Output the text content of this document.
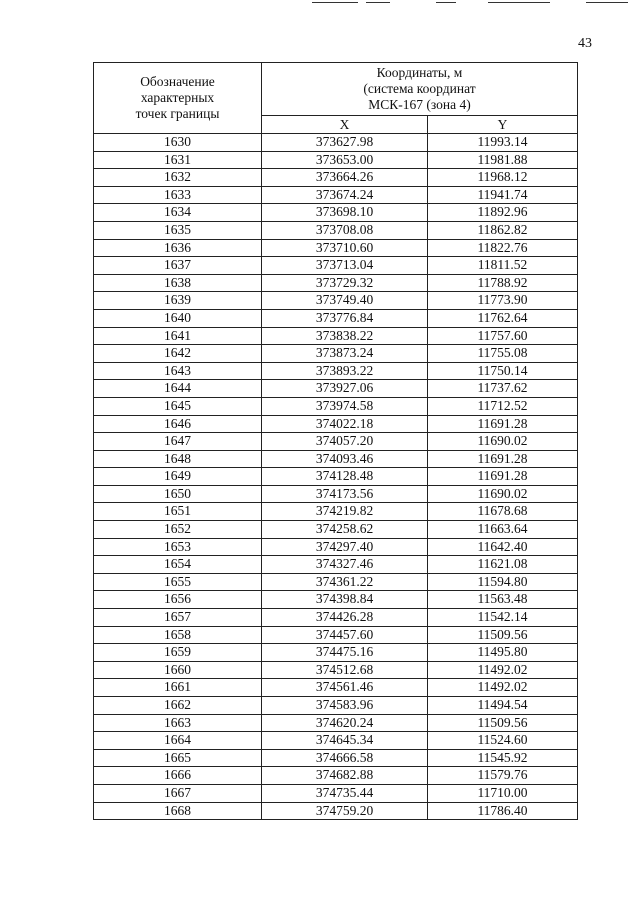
43
Обозначение
характерных
точек границы	Координаты, м
(система координат
МСК-167 (зона 4)	

	X	Y
1630	373627.98	11993.14
1631	373653.00	11981.88
1632	373664.26	11968.12
1633	373674.24	11941.74
1634	373698.10	11892.96
1635	373708.08	11862.82
1636	373710.60	11822.76
1637	373713.04	11811.52
1638	373729.32	11788.92
1639	373749.40	11773.90
1640	373776.84	11762.64
1641	373838.22	11757.60
1642	373873.24	11755.08
1643	373893.22	11750.14
1644	373927.06	11737.62
1645	373974.58	11712.52
1646	374022.18	11691.28
1647	374057.20	11690.02
1648	374093.46	11691.28
1649	374128.48	11691.28
1650	374173.56	11690.02
1651	374219.82	11678.68
1652	374258.62	11663.64
1653	374297.40	11642.40
1654	374327.46	11621.08
1655	374361.22	11594.80
1656	374398.84	11563.48
1657	374426.28	11542.14
1658	374457.60	11509.56
1659	374475.16	11495.80
1660	374512.68	11492.02
1661	374561.46	11492.02
1662	374583.96	11494.54
1663	374620.24	11509.56
1664	374645.34	11524.60
1665	374666.58	11545.92
1666	374682.88	11579.76
1667	374735.44	11710.00
1668	374759.20	11786.40
